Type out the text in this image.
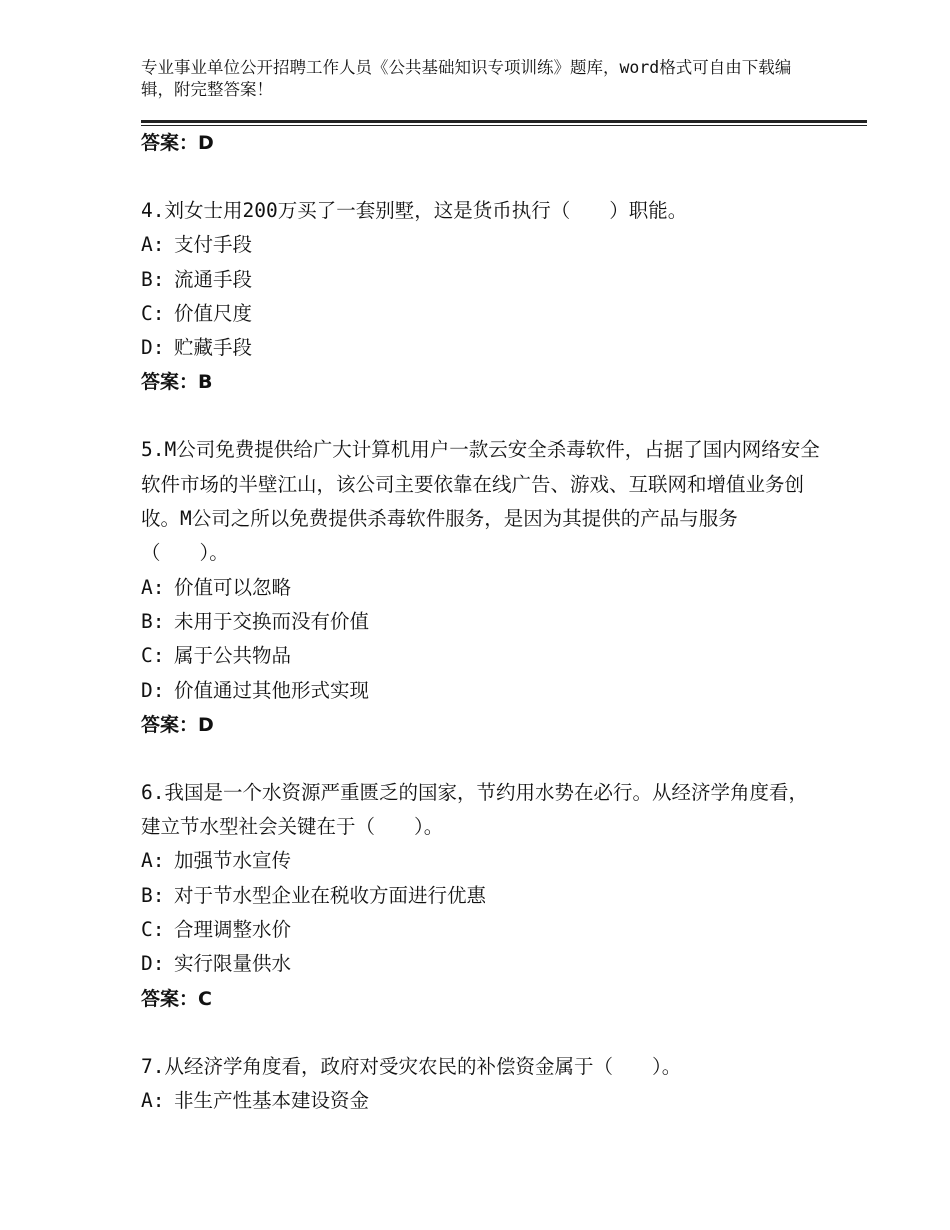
专业事业单位公开招聘工作人员《公共基础知识专项训练》题库，word格式可自由下载编辑，附完整答案！

答案：D

4.刘女士用200万买了一套别墅，这是货币执行（　　）职能。

A: 支付手段

B: 流通手段

C: 价值尺度

D: 贮藏手段

答案：B

5.M公司免费提供给广大计算机用户一款云安全杀毒软件，占据了国内网络安全软件市场的半壁江山，该公司主要依靠在线广告、游戏、互联网和增值业务创收。M公司之所以免费提供杀毒软件服务，是因为其提供的产品与服务（　　）。

A: 价值可以忽略

B: 未用于交换而没有价值

C: 属于公共物品

D: 价值通过其他形式实现

答案：D

6.我国是一个水资源严重匮乏的国家，节约用水势在必行。从经济学角度看，建立节水型社会关键在于（　　）。

A: 加强节水宣传

B: 对于节水型企业在税收方面进行优惠

C: 合理调整水价

D: 实行限量供水

答案：C

7.从经济学角度看，政府对受灾农民的补偿资金属于（　　）。

A: 非生产性基本建设资金
